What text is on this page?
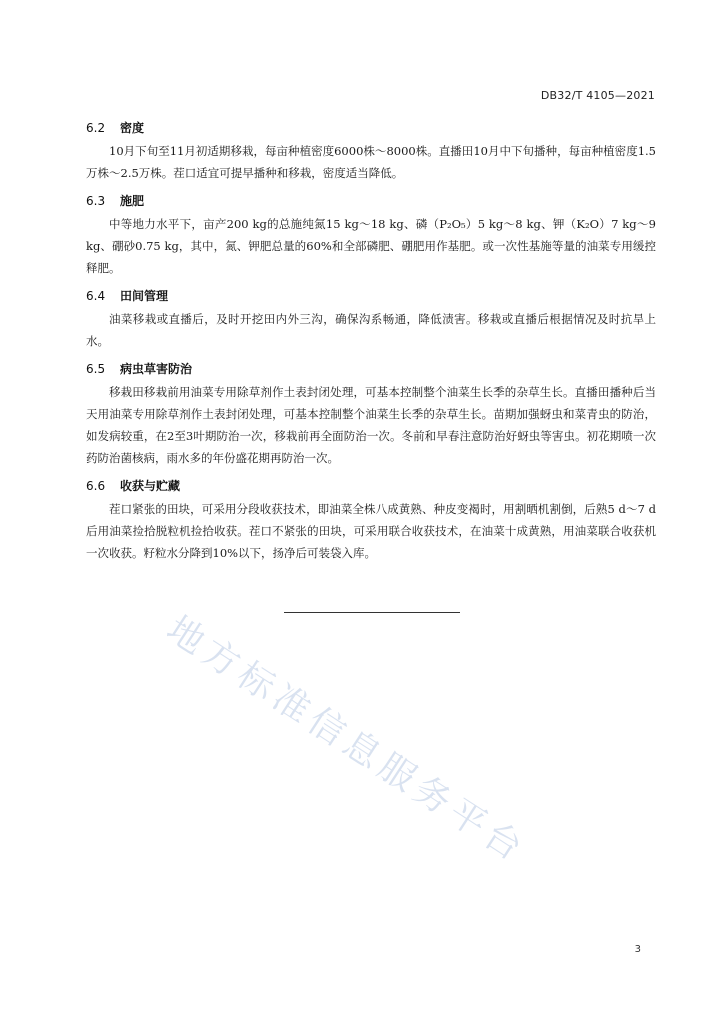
DB32/T 4105—2021
6.2 密度

10月下旬至11月初适期移栽，每亩种植密度6000株～8000株。直播田10月中下旬播种，每亩种植密度1.5万株～2.5万株。茬口适宜可提早播种和移栽，密度适当降低。

6.3 施肥

中等地力水平下，亩产200 kg的总施纯氮15 kg～18 kg、磷（P₂O₅）5 kg～8 kg、钾（K₂O）7 kg～9 kg、硼砂0.75 kg，其中，氮、钾肥总量的60%和全部磷肥、硼肥用作基肥。或一次性基施等量的油菜专用缓控释肥。

6.4 田间管理

油菜移栽或直播后，及时开挖田内外三沟，确保沟系畅通，降低渍害。移栽或直播后根据情况及时抗旱上水。

6.5 病虫草害防治

移栽田移栽前用油菜专用除草剂作土表封闭处理，可基本控制整个油菜生长季的杂草生长。直播田播种后当天用油菜专用除草剂作土表封闭处理，可基本控制整个油菜生长季的杂草生长。苗期加强蚜虫和菜青虫的防治，如发病较重，在2至3叶期防治一次，移栽前再全面防治一次。冬前和早春注意防治好蚜虫等害虫。初花期喷一次药防治菌核病，雨水多的年份盛花期再防治一次。

6.6 收获与贮藏

茬口紧张的田块，可采用分段收获技术，即油菜全株八成黄熟、种皮变褐时，用割晒机割倒，后熟5 d～7 d后用油菜捡拾脱粒机捡拾收获。茬口不紧张的田块，可采用联合收获技术，在油菜十成黄熟，用油菜联合收获机一次收获。籽粒水分降到10%以下，扬净后可装袋入库。

地方标准信息服务平台
3
